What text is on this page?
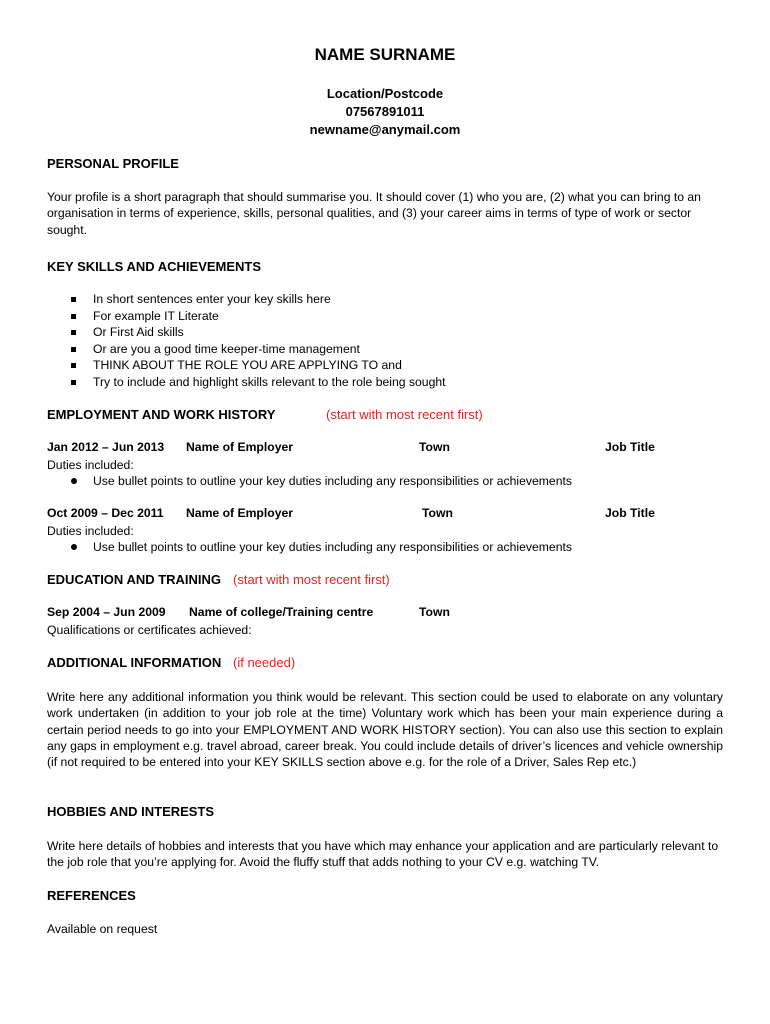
NAME SURNAME
Location/Postcode
07567891011
newname@anymail.com
PERSONAL PROFILE
Your profile is a short paragraph that should summarise you. It should cover (1) who you are, (2) what you can bring to an organisation in terms of experience, skills, personal qualities, and (3) your career aims in terms of type of work or sector sought.
KEY SKILLS AND ACHIEVEMENTS
In short sentences enter your key skills here
For example IT Literate
Or First Aid skills
Or are you a good time keeper-time management
THINK ABOUT THE ROLE YOU ARE APPLYING TO and
Try to include and highlight skills relevant to the role being sought
EMPLOYMENT AND WORK HISTORY	(start with most recent first)
Jan 2012 – Jun 2013 Name of Employer	Town	Job Title
Duties included:
Use bullet points to outline your key duties including any responsibilities or achievements
Oct 2009 – Dec 2011 Name of Employer	Town	Job Title
Duties included:
Use bullet points to outline your key duties including any responsibilities or achievements
EDUCATION AND TRAINING (start with most recent first)
Sep 2004 – Jun 2009 Name of college/Training centre	Town
Qualifications or certificates achieved:
ADDITIONAL INFORMATION (if needed)
Write here any additional information you think would be relevant. This section could be used to elaborate on any voluntary work undertaken (in addition to your job role at the time) Voluntary work which has been your main experience during a certain period needs to go into your EMPLOYMENT AND WORK HISTORY section). You can also use this section to explain any gaps in employment e.g. travel abroad, career break. You could include details of driver’s licences and vehicle ownership (if not required to be entered into your KEY SKILLS section above e.g. for the role of a Driver, Sales Rep etc.)
HOBBIES AND INTERESTS
Write here details of hobbies and interests that you have which may enhance your application and are particularly relevant to the job role that you’re applying for. Avoid the fluffy stuff that adds nothing to your CV e.g. watching TV.
REFERENCES
Available on request
